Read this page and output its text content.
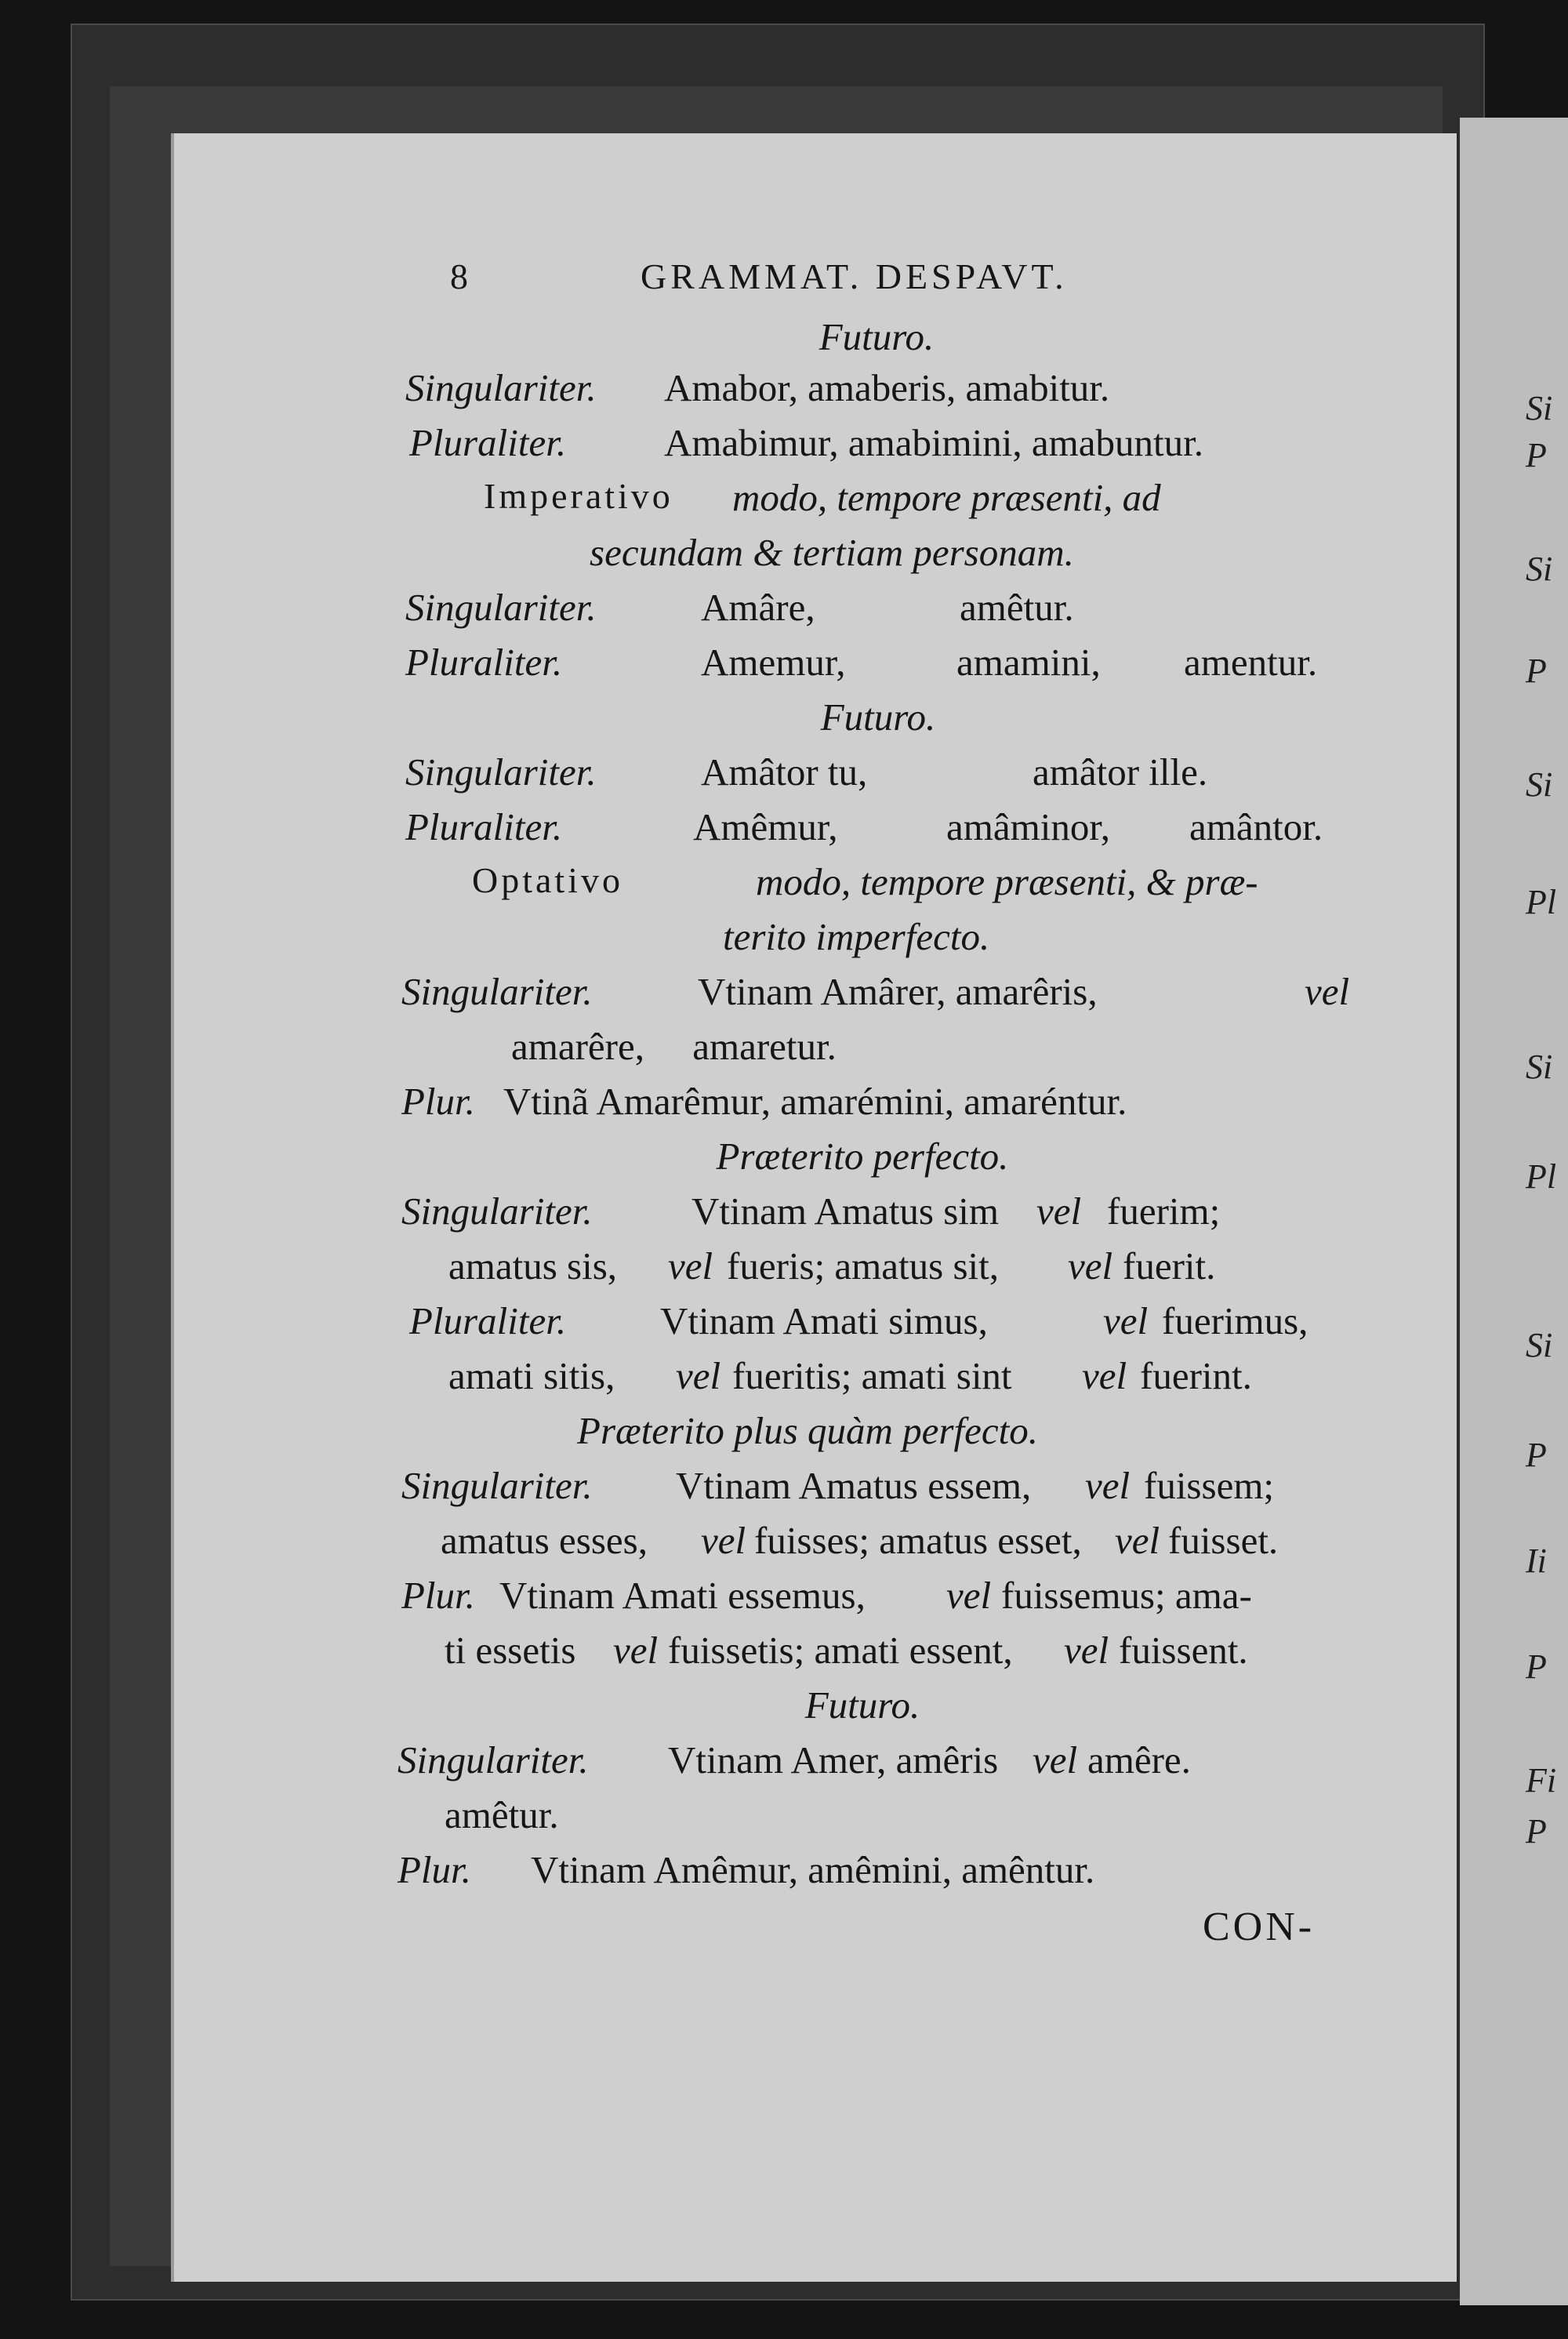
Si
P
Si
P
Si
Pl
Si
Pl
Si
P
Ii
P
Fi
P
8	GRAMMAT. DESPAVT.
Futuro.
Singulariter. Amabor, amaberis, amabitur.
Pluraliter.	Amabimur, amabimini, amabuntur.
Imperativo modo, tempore præsenti, ad
secundam & tertiam personam.
Singulariter.	Amâre,	amêtur.
Pluraliter.	Amemur,	amamini, amentur.
Futuro.
Singulariter.	Amâtor tu,	amâtor ille.
Pluraliter.	Amêmur,	amâminor, amântor.
Optativo	modo, tempore præsenti, & præ-
terito imperfecto.
Singulariter.	Vtinam Amârer, amarêris,	vel
amarêre,     amaretur.
Plur. Vtinã Amarêmur, amarémini, amaréntur.
Præterito perfecto.
Singulariter.	Vtinam Amatus sim vel fuerim;
amatus sis, vel fueris; amatus sit, vel fuerit.
Pluraliter. Vtinam Amati simus,	vel fuerimus,
amati sitis, vel fueritis; amati sint vel fuerint.
Præterito plus quàm perfecto.
Singulariter. Vtinam Amatus essem, vel fuissem;
amatus esses, vel fuisses; amatus esset, vel fuisset.
Plur. Vtinam Amati essemus, vel fuissemus; ama-
ti essetis vel fuissetis; amati essent, vel fuissent.
Futuro.
Singulariter. Vtinam Amer, amêris vel amêre.
amêtur.
Plur. Vtinam Amêmur, amêmini, amêntur.
CON-
